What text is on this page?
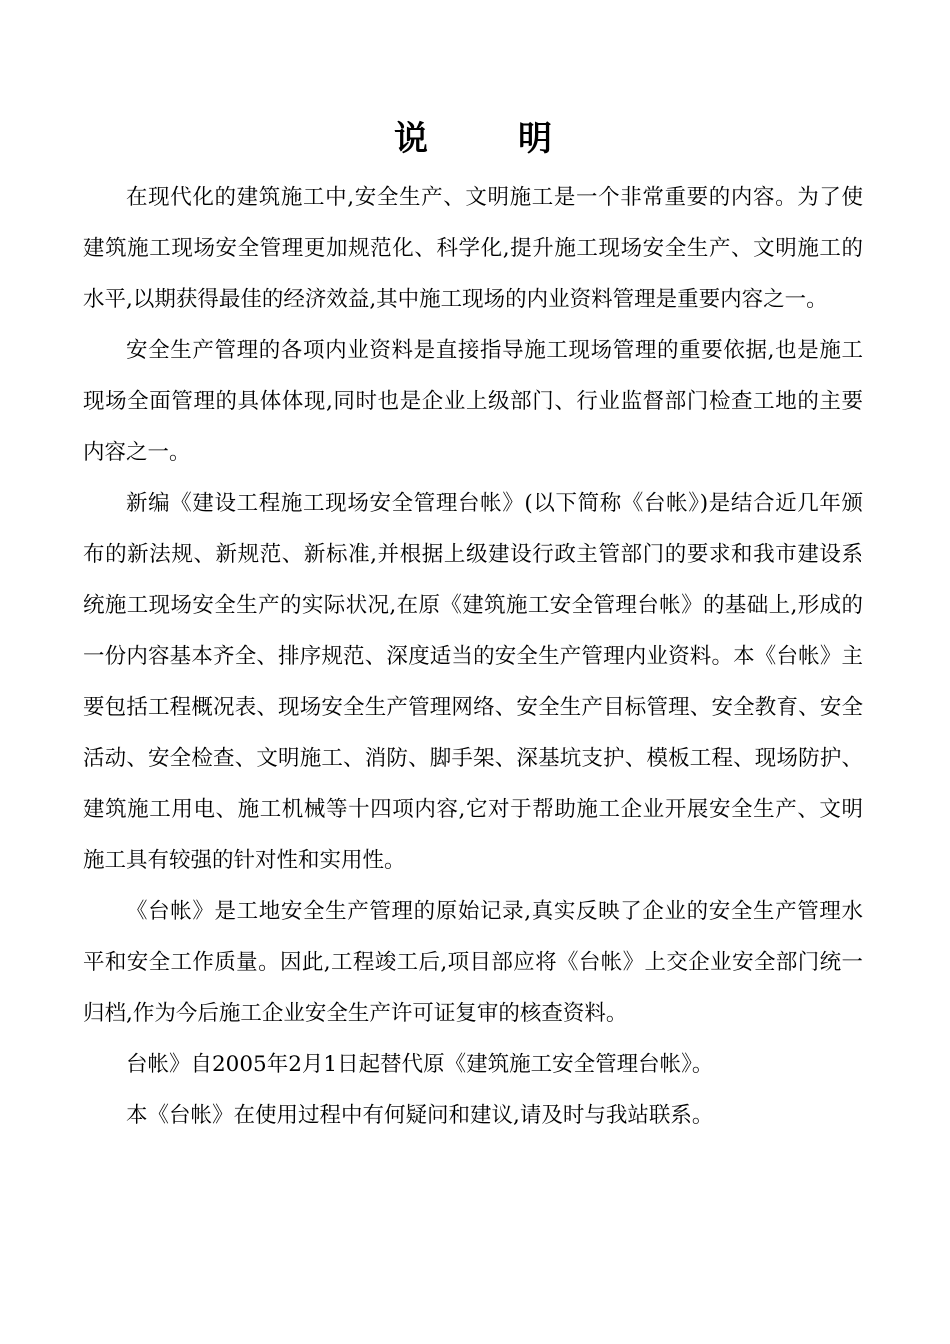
说明

在现代化的建筑施工中,安全生产、文明施工是一个非常重要的内容。为了使建筑施工现场安全管理更加规范化、科学化,提升施工现场安全生产、文明施工的水平,以期获得最佳的经济效益,其中施工现场的内业资料管理是重要内容之一。

安全生产管理的各项内业资料是直接指导施工现场管理的重要依据,也是施工现场全面管理的具体体现,同时也是企业上级部门、行业监督部门检查工地的主要内容之一。

新编《建设工程施工现场安全管理台帐》(以下简称《台帐》)是结合近几年颁布的新法规、新规范、新标准,并根据上级建设行政主管部门的要求和我市建设系统施工现场安全生产的实际状况,在原《建筑施工安全管理台帐》的基础上,形成的一份内容基本齐全、排序规范、深度适当的安全生产管理内业资料。本《台帐》主要包括工程概况表、现场安全生产管理网络、安全生产目标管理、安全教育、安全活动、安全检查、文明施工、消防、脚手架、深基坑支护、模板工程、现场防护、建筑施工用电、施工机械等十四项内容,它对于帮助施工企业开展安全生产、文明施工具有较强的针对性和实用性。

《台帐》是工地安全生产管理的原始记录,真实反映了企业的安全生产管理水平和安全工作质量。因此,工程竣工后,项目部应将《台帐》上交企业安全部门统一归档,作为今后施工企业安全生产许可证复审的核查资料。

台帐》自2005年2月1日起替代原《建筑施工安全管理台帐》。

本《台帐》在使用过程中有何疑问和建议,请及时与我站联系。
